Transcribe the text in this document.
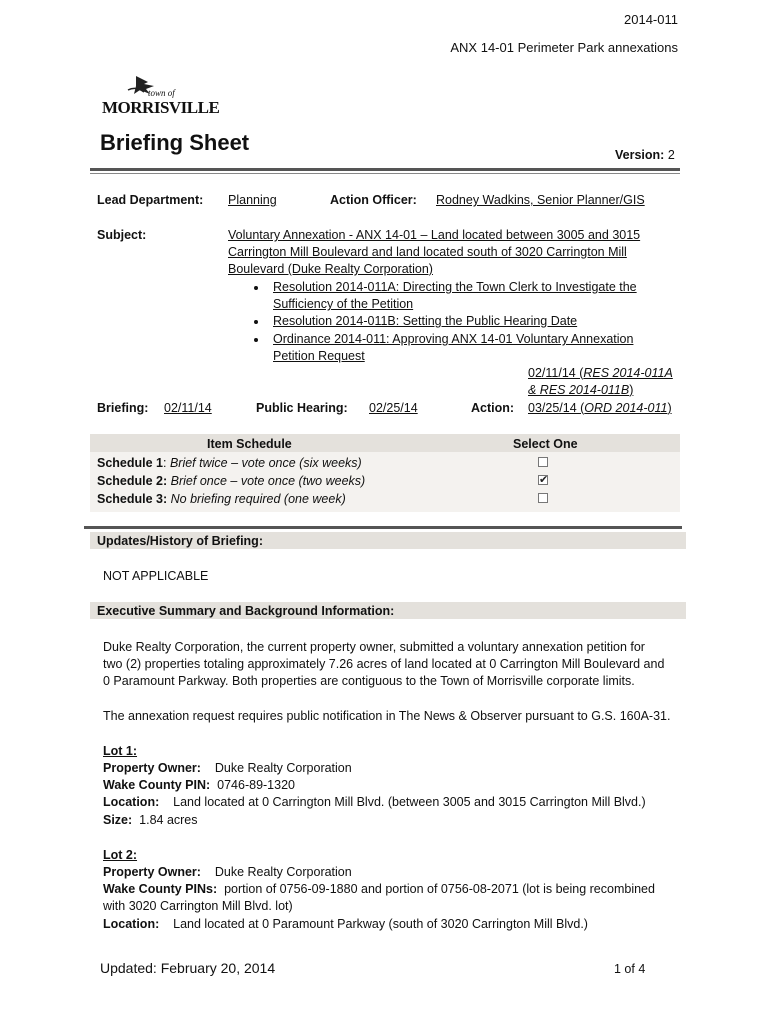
2014-011
ANX 14-01 Perimeter Park annexations
town of
MORRISVILLE
Briefing Sheet	Version: 2
Lead Department: Planning	Action Officer: Rodney Wadkins, Senior Planner/GIS
Subject:	Voluntary Annexation - ANX 14-01 – Land located between 3005 and 3015
Carrington Mill Boulevard and land located south of 3020 Carrington Mill
Boulevard (Duke Realty Corporation)
Resolution 2014-011A: Directing the Town Clerk to Investigate the
Sufficiency of the Petition
Resolution 2014-011B: Setting the Public Hearing Date
Ordinance 2014-011: Approving ANX 14-01 Voluntary Annexation
Petition Request
02/11/14 (RES 2014-011A
& RES 2014-011B)
Briefing: 02/11/14	Public Hearing: 02/25/14	Action: 03/25/14 (ORD 2014-011)
Item Schedule	Select One
Schedule 1: Brief twice – vote once (six weeks)
Schedule 2: Brief once – vote once (two weeks)	✔
Schedule 3: No briefing required (one week)
Updates/History of Briefing:
NOT APPLICABLE
Executive Summary and Background Information:
Duke Realty Corporation, the current property owner, submitted a voluntary annexation petition for
two (2) properties totaling approximately 7.26 acres of land located at 0 Carrington Mill Boulevard and
0 Paramount Parkway. Both properties are contiguous to the Town of Morrisville corporate limits.
The annexation request requires public notification in The News & Observer pursuant to G.S. 160A-31.
Lot 1:
Property Owner: Duke Realty Corporation
Wake County PIN: 0746-89-1320
Location: Land located at 0 Carrington Mill Blvd. (between 3005 and 3015 Carrington Mill Blvd.)
Size: 1.84 acres
Lot 2:
Property Owner: Duke Realty Corporation
Wake County PINs: portion of 0756-09-1880 and portion of 0756-08-2071 (lot is being recombined
with 3020 Carrington Mill Blvd. lot)
Location: Land located at 0 Paramount Parkway (south of 3020 Carrington Mill Blvd.)
Updated: February 20, 2014	1 of 4
